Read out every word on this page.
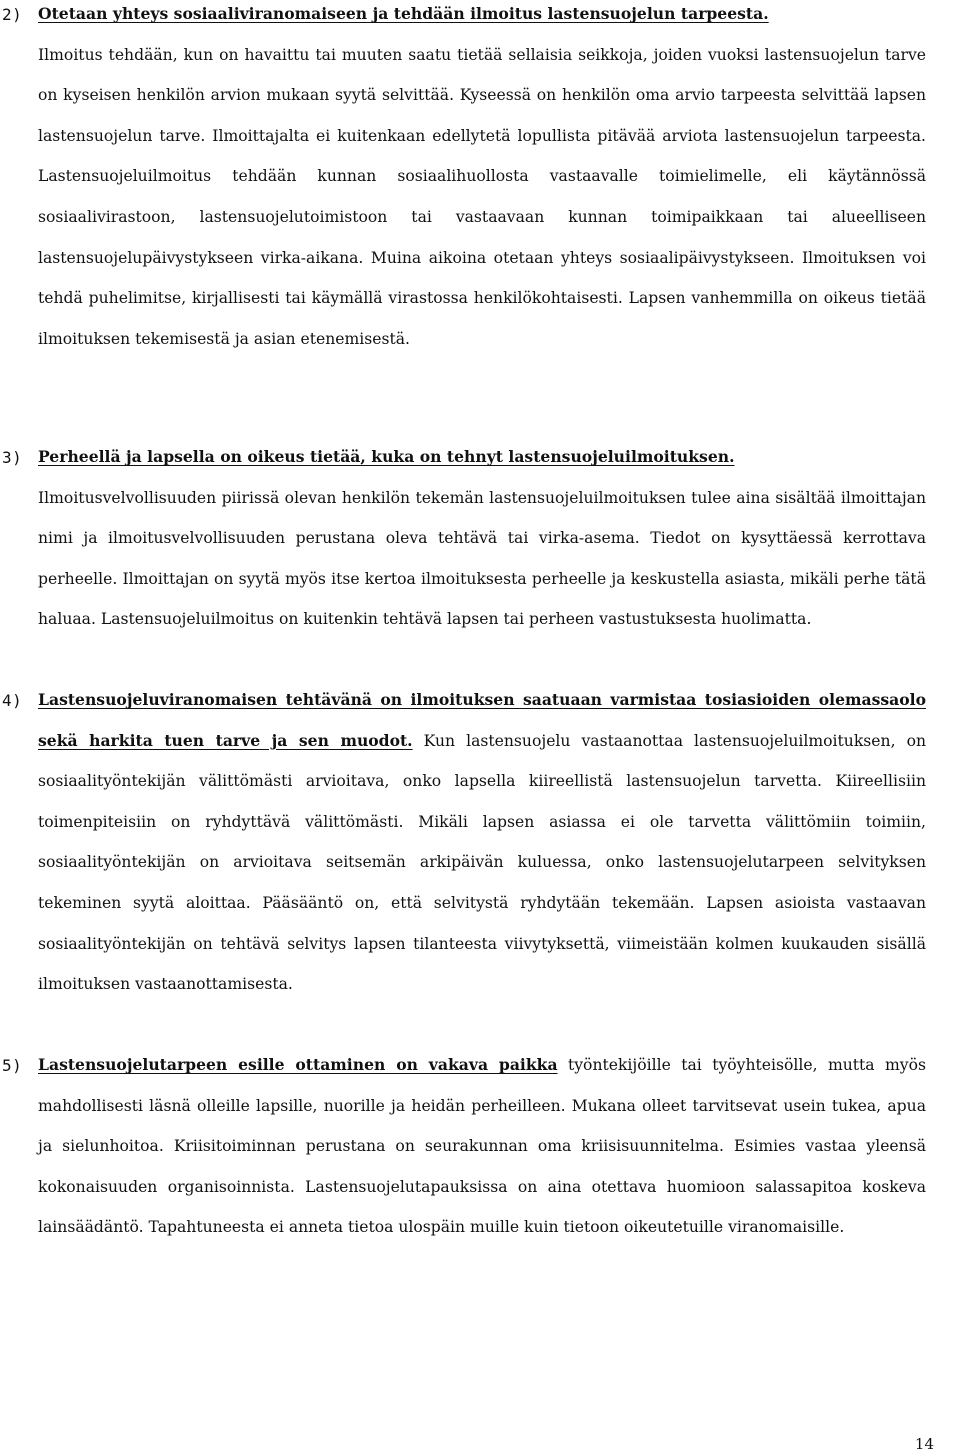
2) Otetaan yhteys sosiaaliviranomaiseen ja tehdään ilmoitus lastensuojelun tarpeesta.
Ilmoitus tehdään, kun on havaittu tai muuten saatu tietää sellaisia seikkoja, joiden vuoksi lastensuojelun tarve on kyseisen henkilön arvion mukaan syytä selvittää. Kyseessä on henkilön oma arvio tarpeesta selvittää lapsen lastensuojelun tarve. Ilmoittajalta ei kuitenkaan edellytetä lopullista pitävää arviota lastensuojelun tarpeesta. Lastensuojeluilmoitus tehdään kunnan sosiaalihuollosta vastaavalle toimielimelle, eli käytännössä sosiaalivirastoon, lastensuojelutoimistoon tai vastaavaan kunnan toimipaikkaan tai alueelliseen lastensuojelupäivystykseen virka-aikana. Muina aikoina otetaan yhteys sosiaalipäivystykseen. Ilmoituksen voi tehdä puhelimitse, kirjallisesti tai käymällä virastossa henkilökohtaisesti. Lapsen vanhemmilla on oikeus tietää ilmoituksen tekemisestä ja asian etenemisestä.
3) Perheellä ja lapsella on oikeus tietää, kuka on tehnyt lastensuojeluilmoituksen.
Ilmoitusvelvollisuuden piirissä olevan henkilön tekemän lastensuojeluilmoituksen tulee aina sisältää ilmoittajan nimi ja ilmoitusvelvollisuuden perustana oleva tehtävä tai virka-asema. Tiedot on kysyttäessä kerrottava perheelle. Ilmoittajan on syytä myös itse kertoa ilmoituksesta perheelle ja keskustella asiasta, mikäli perhe tätä haluaa. Lastensuojeluilmoitus on kuitenkin tehtävä lapsen tai perheen vastustuksesta huolimatta.
4) Lastensuojeluviranomaisen tehtävänä on ilmoituksen saatuaan varmistaa tosiasioiden olemassaolo sekä harkita tuen tarve ja sen muodot. Kun lastensuojelu vastaanottaa lastensuojeluilmoituksen, on sosiaalityöntekijän välittömästi arvioitava, onko lapsella kiireellistä lastensuojelun tarvetta. Kiireellisiin toimenpiteisiin on ryhdyttävä välittömästi. Mikäli lapsen asiassa ei ole tarvetta välittömiin toimiin, sosiaalityöntekijän on arvioitava seitsemän arkipäivän kuluessa, onko lastensuojelutarpeen selvityksen tekeminen syytä aloittaa. Pääsääntö on, että selvitystä ryhdytään tekemään. Lapsen asioista vastaavan sosiaalityöntekijän on tehtävä selvitys lapsen tilanteesta viivytyksettä, viimeistään kolmen kuukauden sisällä ilmoituksen vastaanottamisesta.
5) Lastensuojelutarpeen esille ottaminen on vakava paikka työntekijöille tai työyhteisölle, mutta myös mahdollisesti läsnä olleille lapsille, nuorille ja heidän perheilleen. Mukana olleet tarvitsevat usein tukea, apua ja sielunhoitoa. Kriisitoiminnan perustana on seurakunnan oma kriisisuunnitelma. Esimies vastaa yleensä kokonaisuuden organisoinnista. Lastensuojelutapauksissa on aina otettava huomioon salassapitoa koskeva lainsäädäntö. Tapahtuneesta ei anneta tietoa ulospäin muille kuin tietoon oikeutetuille viranomaisille.
14
